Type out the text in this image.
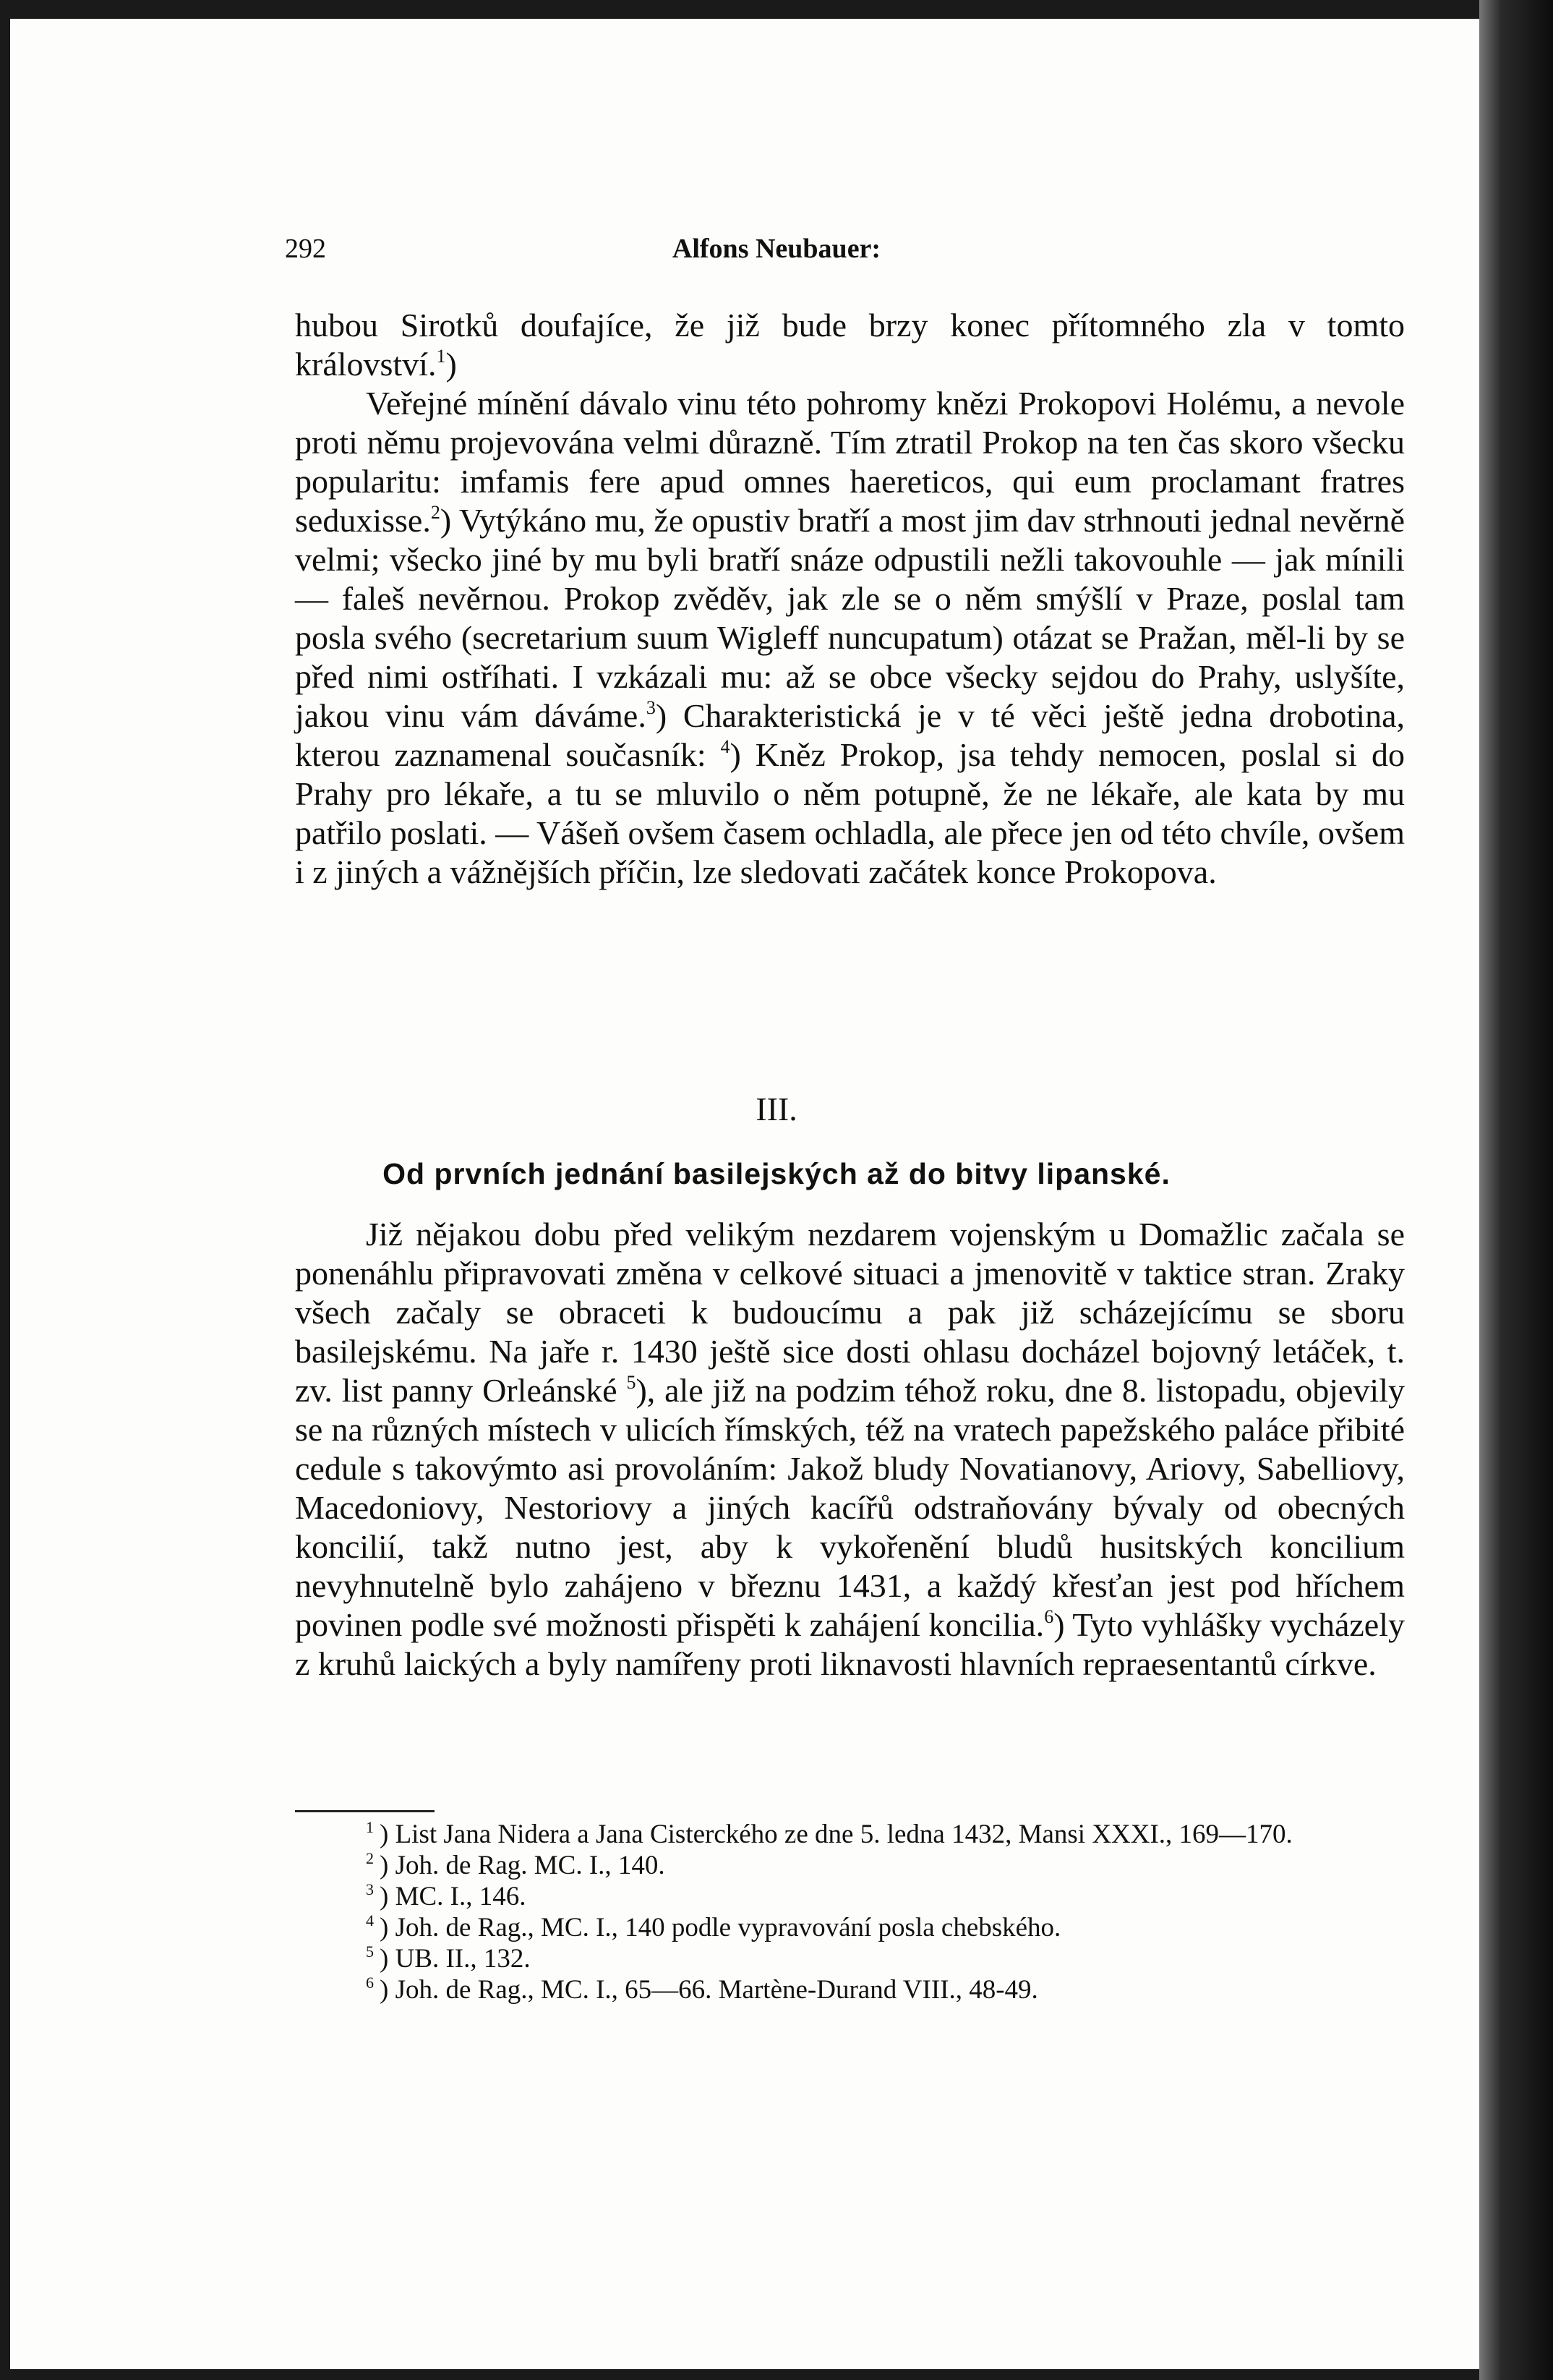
292	Alfons Neubauer:

hubou Sirotků doufajíce, že již bude brzy konec přítomného zla v tomto království.$^1$)

Veřejné mínění dávalo vinu této pohromy knězi Prokopovi Holému, a nevole proti němu projevována velmi důrazně. Tím ztratil Prokop na ten čas skoro všecku popularitu: imfamis fere apud omnes haereticos, qui eum proclamant fratres seduxisse.$^2$) Vytýkáno mu, že opustiv bratří a most jim dav strhnouti jednal nevěrně velmi; všecko jiné by mu byli bratří snáze odpustili nežli takovouhle — jak mínili — faleš nevěrnou. Prokop zvěděv, jak zle se o něm smýšlí v Praze, poslal tam posla svého (secretarium suum Wigleff nuncupatum) otázat se Pražan, měl-li by se před nimi ostříhati. I vzkázali mu: až se obce všecky sejdou do Prahy, uslyšíte, jakou vinu vám dáváme.$^3$) Charakteristická je v té věci ještě jedna drobotina, kterou zaznamenal současník: $^4$) Kněz Prokop, jsa tehdy nemocen, poslal si do Prahy pro lékaře, a tu se mluvilo o něm potupně, že ne lékaře, ale kata by mu patřilo poslati. — Vášeň ovšem časem ochladla, ale přece jen od této chvíle, ovšem i z jiných a vážnějších příčin, lze sledovati začátek konce Prokopova.

III.
Od prvních jednání basilejských až do bitvy lipanské.

Již nějakou dobu před velikým nezdarem vojenským u Domažlic začala se ponenáhlu připravovati změna v celkové situaci a jmenovitě v taktice stran. Zraky všech začaly se obraceti k budoucímu a pak již scházejícímu se sboru basilejskému. Na jaře r. 1430 ještě sice dosti ohlasu docházel bojovný letáček, t. zv. list panny Orleánské $^5$), ale již na podzim téhož roku, dne 8. listopadu, objevily se na různých místech v ulicích římských, též na vratech papežského paláce přibité cedule s takovýmto asi provoláním: Jakož bludy Novatianovy, Ariovy, Sabelliovy, Macedoniovy, Nestoriovy a jiných kacířů odstraňovány bývaly od obecných koncilií, takž nutno jest, aby k vykořenění bludů husitských koncilium nevyhnutelně bylo zahájeno v březnu 1431, a každý křesťan jest pod hříchem povinen podle své možnosti přispěti k zahájení koncilia.$^6$) Tyto vyhlášky vycházely z kruhů laických a byly namířeny proti liknavosti hlavních repraesentantů církve.

$^1$ ) List Jana Nidera a Jana Cisterckého ze dne 5. ledna 1432, Mansi XXXI., 169—170.

$^2$ ) Joh. de Rag. MC. I., 140.

$^3$ ) MC. I., 146.

$^4$ ) Joh. de Rag., MC. I., 140 podle vypravování posla chebského.

$^5$ ) UB. II., 132.

$^6$ ) Joh. de Rag., MC. I., 65—66. Martène-Durand VIII., 48-49.
